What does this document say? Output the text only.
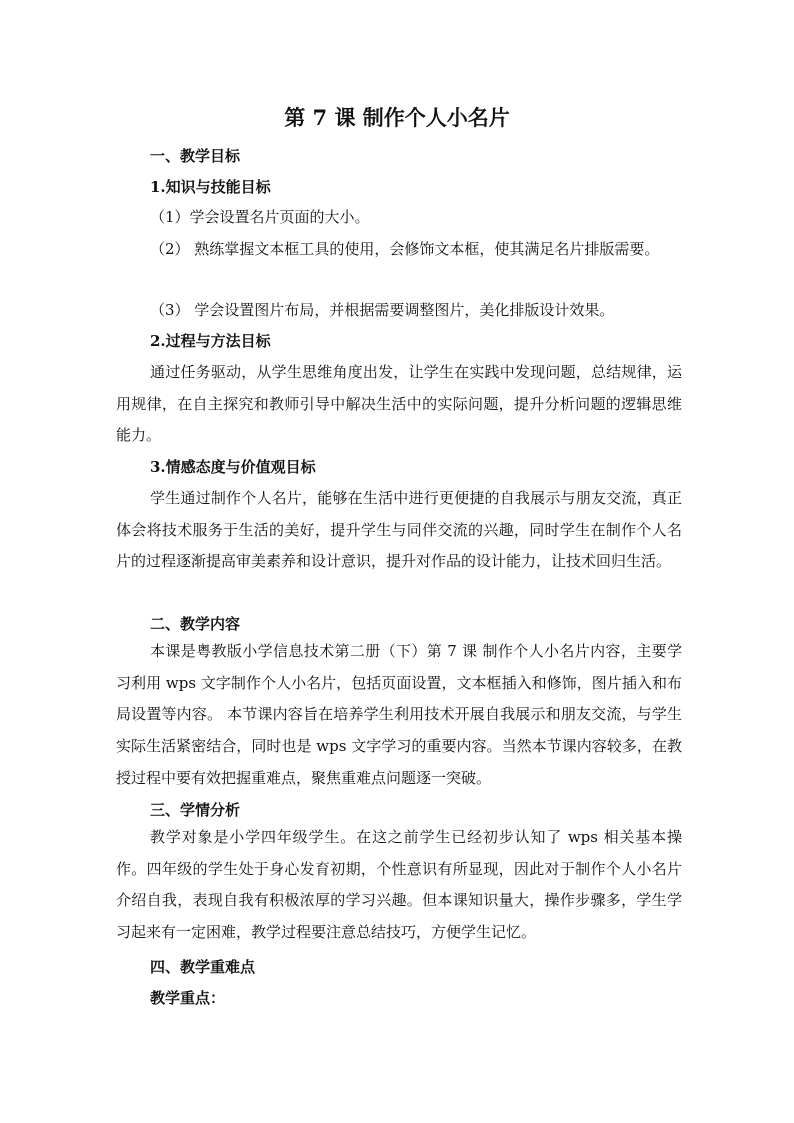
第 7 课 制作个人小名片
一、教学目标
1.知识与技能目标
（1）学会设置名片页面的大小。
（2） 熟练掌握文本框工具的使用，会修饰文本框，使其满足名片排版需要。
（3） 学会设置图片布局，并根据需要调整图片，美化排版设计效果。
2.过程与方法目标
通过任务驱动，从学生思维角度出发，让学生在实践中发现问题，总结规律，运用规律，在自主探究和教师引导中解决生活中的实际问题，提升分析问题的逻辑思维能力。
3.情感态度与价值观目标
学生通过制作个人名片，能够在生活中进行更便捷的自我展示与朋友交流，真正体会将技术服务于生活的美好，提升学生与同伴交流的兴趣，同时学生在制作个人名片的过程逐渐提高审美素养和设计意识，提升对作品的设计能力，让技术回归生活。
二、教学内容
本课是粤教版小学信息技术第二册（下）第 7 课 制作个人小名片内容，主要学习利用 wps 文字制作个人小名片，包括页面设置，文本框插入和修饰，图片插入和布局设置等内容。 本节课内容旨在培养学生利用技术开展自我展示和朋友交流，与学生实际生活紧密结合，同时也是 wps 文字学习的重要内容。当然本节课内容较多，在教授过程中要有效把握重难点，聚焦重难点问题逐一突破。
三、学情分析
教学对象是小学四年级学生。在这之前学生已经初步认知了 wps 相关基本操作。四年级的学生处于身心发育初期，个性意识有所显现，因此对于制作个人小名片介绍自我，表现自我有积极浓厚的学习兴趣。但本课知识量大，操作步骤多，学生学习起来有一定困难，教学过程要注意总结技巧，方便学生记忆。
四、教学重难点
教学重点：
